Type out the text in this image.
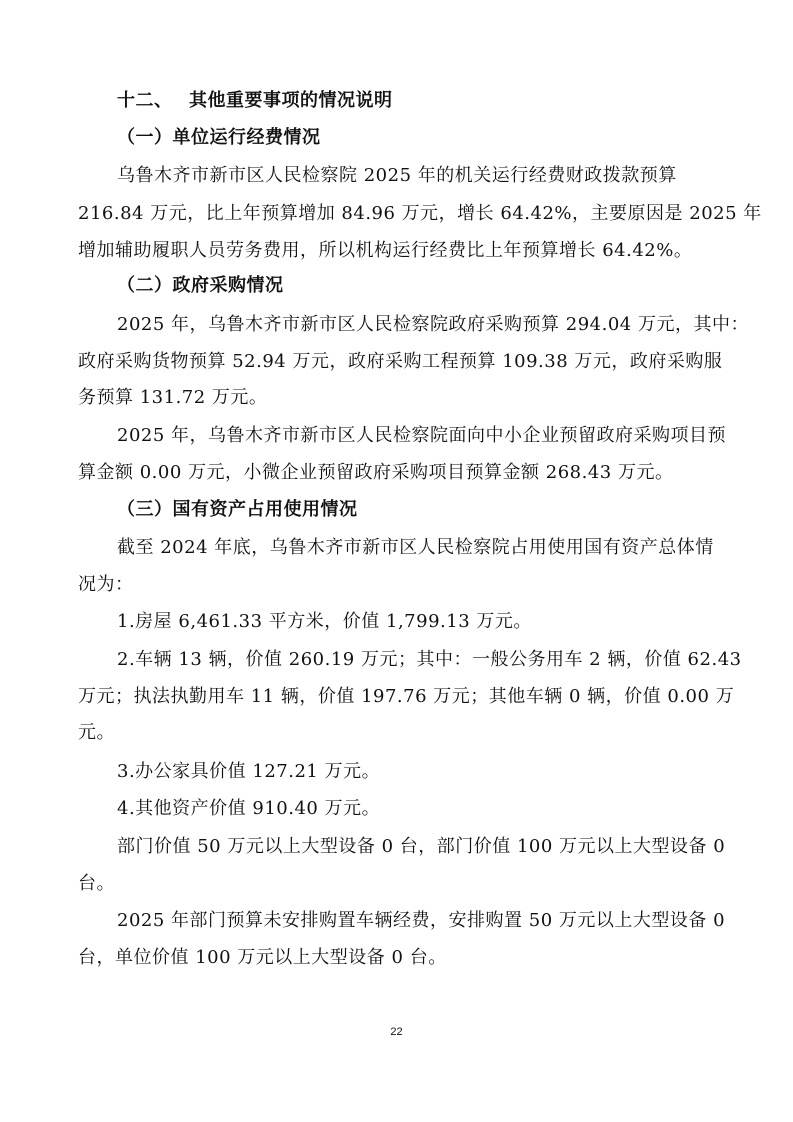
十二、 其他重要事项的情况说明
（一）单位运行经费情况
乌鲁木齐市新市区人民检察院 2025 年的机关运行经费财政拨款预算
216.84 万元，比上年预算增加 84.96 万元，增长 64.42%，主要原因是 2025 年
增加辅助履职人员劳务费用，所以机构运行经费比上年预算增长 64.42%。
（二）政府采购情况
2025 年，乌鲁木齐市新市区人民检察院政府采购预算 294.04 万元，其中：
政府采购货物预算 52.94 万元，政府采购工程预算 109.38 万元，政府采购服
务预算 131.72 万元。
2025 年，乌鲁木齐市新市区人民检察院面向中小企业预留政府采购项目预
算金额 0.00 万元，小微企业预留政府采购项目预算金额 268.43 万元。
（三）国有资产占用使用情况
截至 2024 年底，乌鲁木齐市新市区人民检察院占用使用国有资产总体情
况为：
1.房屋 6,461.33 平方米，价值 1,799.13 万元。
2.车辆 13 辆，价值 260.19 万元；其中：一般公务用车 2 辆，价值 62.43
万元；执法执勤用车 11 辆，价值 197.76 万元；其他车辆 0 辆，价值 0.00 万
元。
3.办公家具价值 127.21 万元。
4.其他资产价值 910.40 万元。
部门价值 50 万元以上大型设备 0 台，部门价值 100 万元以上大型设备 0
台。
2025 年部门预算未安排购置车辆经费，安排购置 50 万元以上大型设备 0
台，单位价值 100 万元以上大型设备 0 台。
22
